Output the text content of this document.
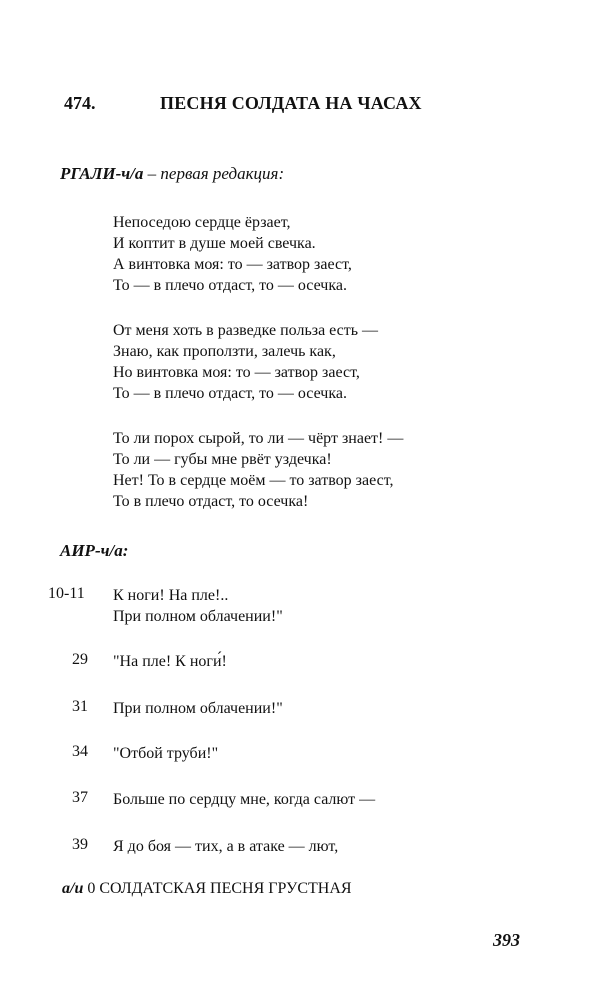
474.	ПЕСНЯ СОЛДАТА НА ЧАСАХ
РГАЛИ-ч/а – первая редакция:
Непоседою сердце ёрзает,
И коптит в душе моей свечка.
А винтовка моя: то — затвор заест,
То — в плечо отдаст, то — осечка.
От меня хоть в разведке польза есть —
Знаю, как проползти, залечь как,
Но винтовка моя: то — затвор заест,
То — в плечо отдаст, то — осечка.
То ли порох сырой, то ли — чёрт знает! —
То ли — губы мне рвёт уздечка!
Нет! То в сердце моём — то затвор заест,
То в плечо отдаст, то осечка!
АИР-ч/а:
10-11	К ноги! На пле!..
При полном облачении!"
29 "На пле! К ноги́!
31 При полном облачении!"
34 "Отбой труби!"
37 Больше по сердцу мне, когда салют —
39 Я до боя — тих, а в атаке — лют,
а/и 0 СОЛДАТСКАЯ ПЕСНЯ ГРУСТНАЯ
393
